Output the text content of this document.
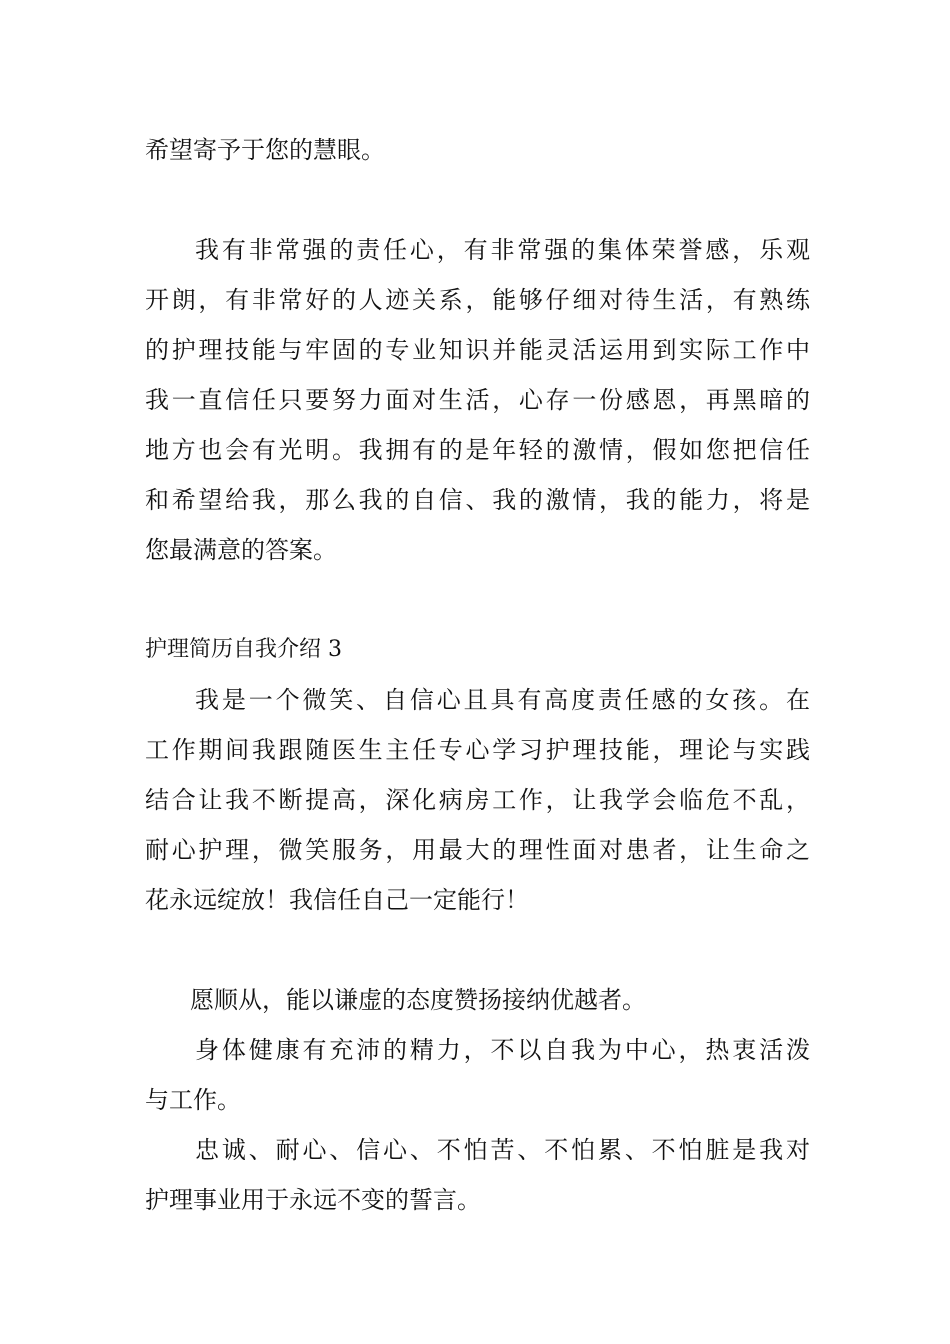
希望寄予于您的慧眼。
我有非常强的责任心，有非常强的集体荣誉感，乐观
开朗，有非常好的人迹关系，能够仔细对待生活，有熟练
的护理技能与牢固的专业知识并能灵活运用到实际工作中
我一直信任只要努力面对生活，心存一份感恩，再黑暗的
地方也会有光明。我拥有的是年轻的激情，假如您把信任
和希望给我，那么我的自信、我的激情，我的能力，将是
您最满意的答案。
护理简历自我介绍 3
我是一个微笑、自信心且具有高度责任感的女孩。在
工作期间我跟随医生主任专心学习护理技能，理论与实践
结合让我不断提高，深化病房工作，让我学会临危不乱，
耐心护理，微笑服务，用最大的理性面对患者，让生命之
花永远绽放！我信任自己一定能行！
愿顺从，能以谦虚的态度赞扬接纳优越者。
身体健康有充沛的精力，不以自我为中心，热衷活泼
与工作。
忠诚、耐心、信心、不怕苦、不怕累、不怕脏是我对
护理事业用于永远不变的誓言。
